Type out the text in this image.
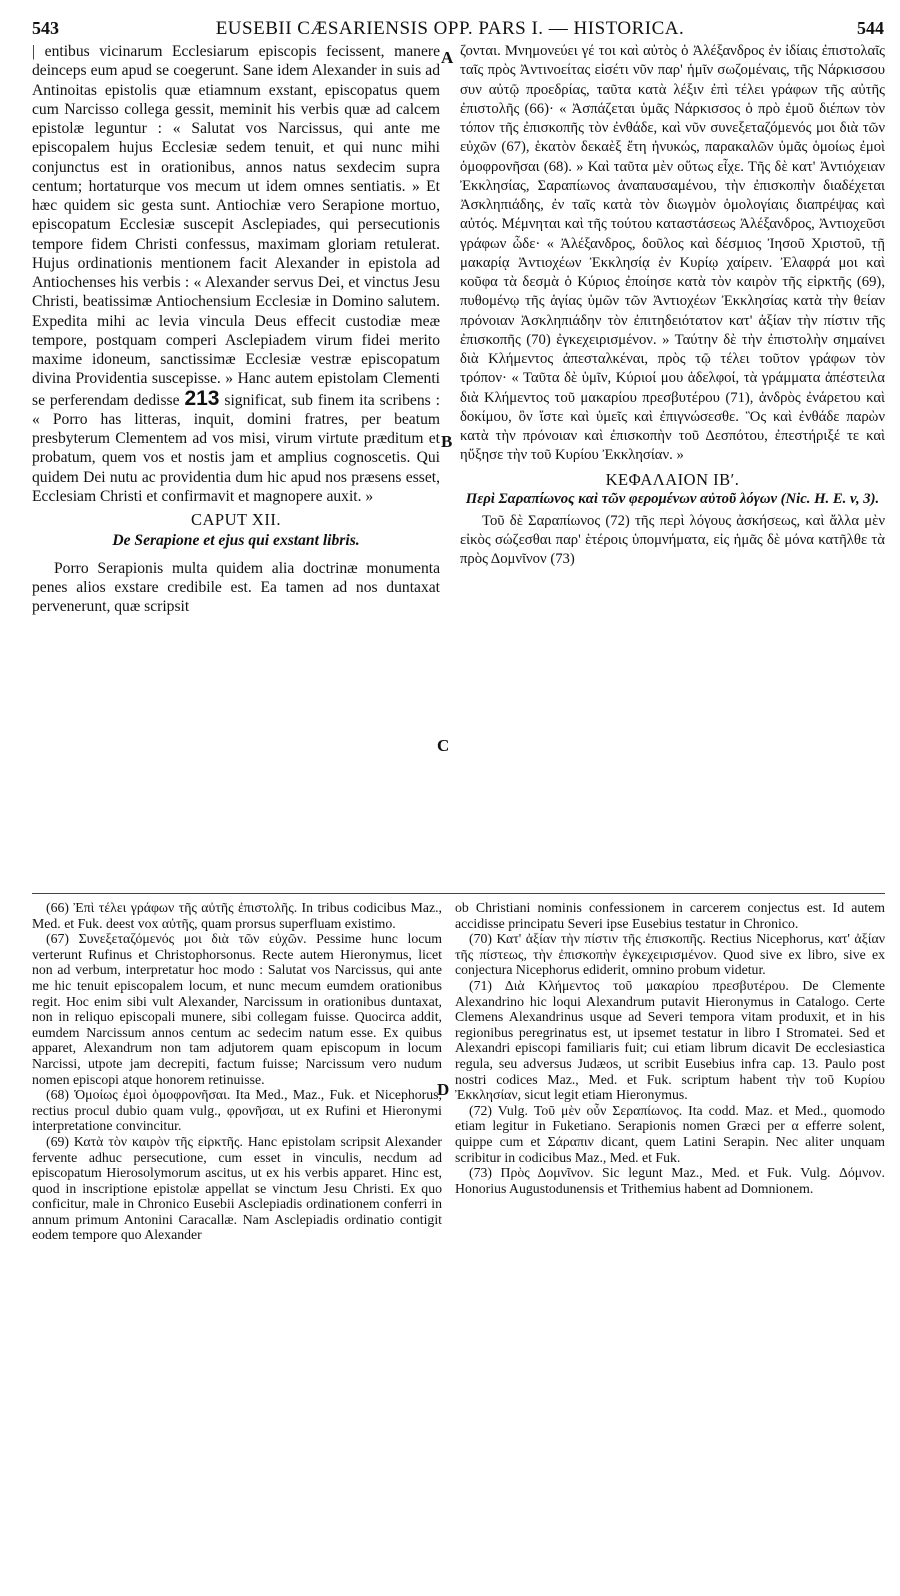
543	EUSEBII CÆSARIENSIS OPP. PARS I. — HISTORICA.	544
A
B
C
D

| entibus vicinarum Ecclesiarum episcopis fecissent, manere deinceps eum apud se coegerunt. Sane idem Alexander in suis ad Antinoitas epistolis quæ etiamnum exstant, episcopatus quem cum Narcisso collega gessit, meminit his verbis quæ ad calcem epistolæ leguntur : « Salutat vos Narcissus, qui ante me episcopalem hujus Ecclesiæ sedem tenuit, et qui nunc mihi conjunctus est in orationibus, annos natus sexdecim supra centum; hortaturque vos mecum ut idem omnes sentiatis. » Et hæc quidem sic gesta sunt. Antiochiæ vero Serapione mortuo, episcopatum Ecclesiæ suscepit Asclepiades, qui persecutionis tempore fidem Christi confessus, maximam gloriam retulerat. Hujus ordinationis mentionem facit Alexander in epistola ad Antiochenses his verbis : « Alexander servus Dei, et vinctus Jesu Christi, beatissimæ Antiochensium Ecclesiæ in Domino salutem. Expedita mihi ac levia vincula Deus effecit custodiæ meæ tempore, postquam comperi Asclepiadem virum fidei merito maxime idoneum, sanctissimæ Ecclesiæ vestræ episcopatum divina Providentia suscepisse. » Hanc autem epistolam Clementi se perferendam dedisse 213 significat, sub finem ita scribens : « Porro has litteras, inquit, domini fratres, per beatum presbyterum Clementem ad vos misi, virum virtute præditum et probatum, quem vos et nostis jam et amplius cognoscetis. Qui quidem Dei nutu ac providentia dum hic apud nos præsens esset, Ecclesiam Christi et confirmavit et magnopere auxit. »

CAPUT XII.
De Serapione et ejus qui exstant libris.

Porro Serapionis multa quidem alia doctrinæ monumenta penes alios exstare credibile est. Ea tamen ad nos duntaxat pervenerunt, quæ scripsit

ζονται. Μνημονεύει γέ τοι καὶ αὐτὸς ὁ Ἀλέξανδρος ἐν ἰδίαις ἐπιστολαῖς ταῖς πρὸς Ἀντινοείτας εἰσέτι νῦν παρ' ἡμῖν σωζομέναις, τῆς Νάρκισσου συν αὐτῷ προεδρίας, ταῦτα κατὰ λέξιν ἐπὶ τέλει γράφων τῆς αὐτῆς ἐπιστολῆς (66)· « Ἀσπάζεται ὑμᾶς Νάρκισσος ὁ πρὸ ἐμοῦ διέπων τὸν τόπον τῆς ἐπισκοπῆς τὸν ἐνθάδε, καὶ νῦν συνεξεταζόμενός μοι διὰ τῶν εὐχῶν (67), ἑκατὸν δεκαὲξ ἔτη ἠνυκώς, παρακαλῶν ὑμᾶς ὁμοίως ἐμοὶ ὁμοφρονῆσαι (68). » Καὶ ταῦτα μὲν οὕτως εἶχε. Τῆς δὲ κατ' Ἀντιόχειαν Ἐκκλησίας, Σαραπίωνος ἀναπαυσαμένου, τὴν ἐπισκοπὴν διαδέχεται Ἀσκληπιάδης, ἐν ταῖς κατὰ τὸν διωγμὸν ὁμολογίαις διαπρέψας καὶ αὐτός. Μέμνηται καὶ τῆς τούτου καταστάσεως Ἀλέξανδρος, Ἀντιοχεῦσι γράφων ὧδε· « Ἀλέξανδρος, δοῦλος καὶ δέσμιος Ἰησοῦ Χριστοῦ, τῇ μακαρίᾳ Ἀντιοχέων Ἐκκλησίᾳ ἐν Κυρίῳ χαίρειν. Ἐλαφρά μοι καὶ κοῦφα τὰ δεσμὰ ὁ Κύριος ἐποίησε κατὰ τὸν καιρὸν τῆς εἱρκτῆς (69), πυθομένῳ τῆς ἁγίας ὑμῶν τῶν Ἀντιοχέων Ἐκκλησίας κατὰ τὴν θείαν πρόνοιαν Ἀσκληπιάδην τὸν ἐπιτηδειότατον κατ' ἀξίαν τὴν πίστιν τῆς ἐπισκοπῆς (70) ἐγκεχειρισμένον. » Ταύτην δὲ τὴν ἐπιστολὴν σημαίνει διὰ Κλήμεντος ἀπεσταλκέναι, πρὸς τῷ τέλει τοῦτον γράφων τὸν τρόπον· « Ταῦτα δὲ ὑμῖν, Κύριοί μου ἀδελφοί, τὰ γράμματα ἀπέστειλα διὰ Κλήμεντος τοῦ μακαρίου πρεσβυτέρου (71), ἀνδρὸς ἐνάρετου καὶ δοκίμου, ὃν ἴστε καὶ ὑμεῖς καὶ ἐπιγνώσεσθε. Ὃς καὶ ἐνθάδε παρὼν κατὰ τὴν πρόνοιαν καὶ ἐπισκοπὴν τοῦ Δεσπότου, ἐπεστήριξέ τε καὶ ηὔξησε τὴν τοῦ Κυρίου Ἐκκλησίαν. »

ΚΕΦΑΛΑΙΟΝ ΙΒʹ.
Περὶ Σαραπίωνος καὶ τῶν φερομένων αὐτοῦ λόγων (Nic. H. E. v, 3).

Τοῦ δὲ Σαραπίωνος (72) τῆς περὶ λόγους ἀσκήσεως, καὶ ἄλλα μὲν εἰκὸς σώζεσθαι παρ' ἑτέροις ὑπομνήματα, εἰς ἡμᾶς δὲ μόνα κατῆλθε τὰ πρὸς Δομνῖνον (73)

(66) Ἐπὶ τέλει γράφων τῆς αὐτῆς ἐπιστολῆς. In tribus codicibus Maz., Med. et Fuk. deest vox αὐτῆς, quam prorsus superfluam existimo.

(67) Συνεξεταζόμενός μοι διὰ τῶν εὐχῶν. Pessime hunc locum verterunt Rufinus et Christophorsonus. Recte autem Hieronymus, licet non ad verbum, interpretatur hoc modo : Salutat vos Narcissus, qui ante me hic tenuit episcopalem locum, et nunc mecum eumdem orationibus regit. Hoc enim sibi vult Alexander, Narcissum in orationibus duntaxat, non in reliquo episcopali munere, sibi collegam fuisse. Quocirca addit, eumdem Narcissum annos centum ac sedecim natum esse. Ex quibus apparet, Alexandrum non tam adjutorem quam episcopum in locum Narcissi, utpote jam decrepiti, factum fuisse; Narcissum vero nudum nomen episcopi atque honorem retinuisse.

(68) Ὁμοίως ἐμοὶ ὁμοφρονῆσαι. Ita Med., Maz., Fuk. et Nicephorus, rectius procul dubio quam vulg., φρονῆσαι, ut ex Rufini et Hieronymi interpretatione convincitur.

(69) Κατὰ τὸν καιρὸν τῆς εἱρκτῆς. Hanc epistolam scripsit Alexander fervente adhuc persecutione, cum esset in vinculis, necdum ad episcopatum Hierosolymorum ascitus, ut ex his verbis apparet. Hinc est, quod in inscriptione epistolæ appellat se vinctum Jesu Christi. Ex quo conficitur, male in Chronico Eusebii Asclepiadis ordinationem conferri in annum primum Antonini Caracallæ. Nam Asclepiadis ordinatio contigit eodem tempore quo Alexander

ob Christiani nominis confessionem in carcerem conjectus est. Id autem accidisse principatu Severi ipse Eusebius testatur in Chronico.

(70) Κατ' ἀξίαν τὴν πίστιν τῆς ἐπισκοπῆς. Rectius Nicephorus, κατ' ἀξίαν τῆς πίστεως, τὴν ἐπισκοπὴν ἐγκεχειρισμένον. Quod sive ex libro, sive ex conjectura Nicephorus ediderit, omnino probum videtur.

(71) Διὰ Κλήμεντος τοῦ μακαρίου πρεσβυτέρου. De Clemente Alexandrino hic loqui Alexandrum putavit Hieronymus in Catalogo. Certe Clemens Alexandrinus usque ad Severi tempora vitam produxit, et in his regionibus peregrinatus est, ut ipsemet testatur in libro I Stromatei. Sed et Alexandri episcopi familiaris fuit; cui etiam librum dicavit De ecclesiastica regula, seu adversus Judæos, ut scribit Eusebius infra cap. 13. Paulo post nostri codices Maz., Med. et Fuk. scriptum habent τὴν τοῦ Κυρίου Ἐκκλησίαν, sicut legit etiam Hieronymus.

(72) Vulg. Τοῦ μὲν οὖν Σεραπίωνος. Ita codd. Maz. et Med., quomodo etiam legitur in Fuketiano. Serapionis nomen Græci per α efferre solent, quippe cum et Σάραπιν dicant, quem Latini Serapin. Nec aliter unquam scribitur in codicibus Maz., Med. et Fuk.

(73) Πρὸς Δομνῖνον. Sic legunt Maz., Med. et Fuk. Vulg. Δόμνον. Honorius Augustodunensis et Trithemius habent ad Domnionem.
